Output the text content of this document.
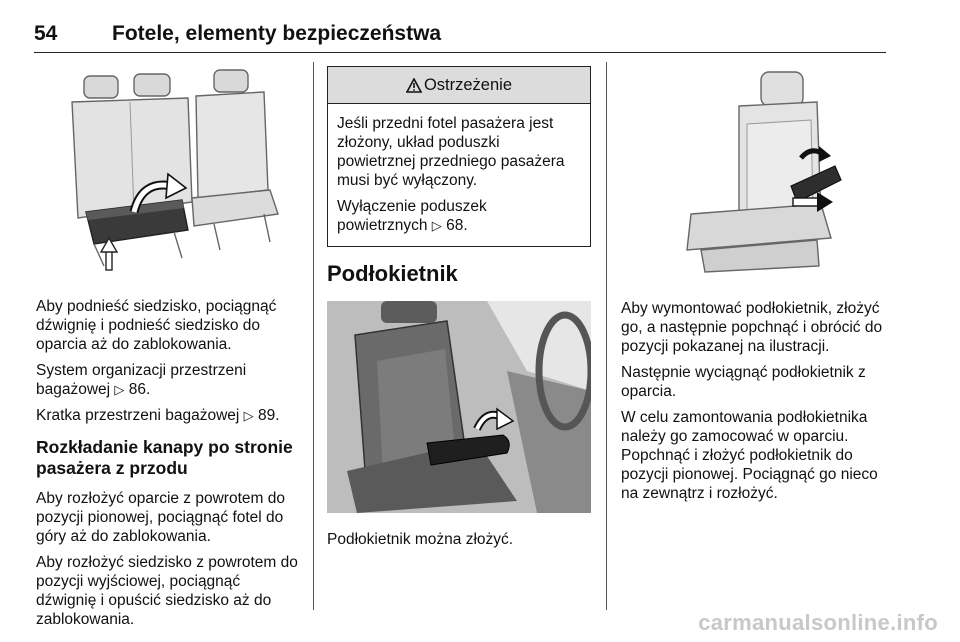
54	Fotele, elementy bezpieczeństwa

Aby podnieść siedzisko, pociągnąć dźwignię i podnieść siedzisko do oparcia aż do zablokowania.

System organizacji przestrzeni bagażowej ▷ 86.

Kratka przestrzeni bagażowej ▷ 89.

Rozkładanie kanapy po stronie pasażera z przodu

Aby rozłożyć oparcie z powrotem do pozycji pionowej, pociągnąć fotel do góry aż do zablokowania.

Aby rozłożyć siedzisko z powrotem do pozycji wyjściowej, pociągnąć dźwignię i opuścić siedzisko aż do zablokowania.

Ostrzeżenie

Jeśli przedni fotel pasażera jest złożony, układ poduszki powietrznej przedniego pasażera musi być wyłączony.

Wyłączenie poduszek powietrznych ▷ 68.

Podłokietnik

Podłokietnik można złożyć.

Aby wymontować podłokietnik, złożyć go, a następnie popchnąć i obrócić do pozycji pokazanej na ilustracji.

Następnie wyciągnąć podłokietnik z oparcia.

W celu zamontowania podłokietnika należy go zamocować w oparciu. Popchnąć i złożyć podłokietnik do pozycji pionowej. Pociągnąć go nieco na zewnątrz i rozłożyć.

carmanualsonline.info
